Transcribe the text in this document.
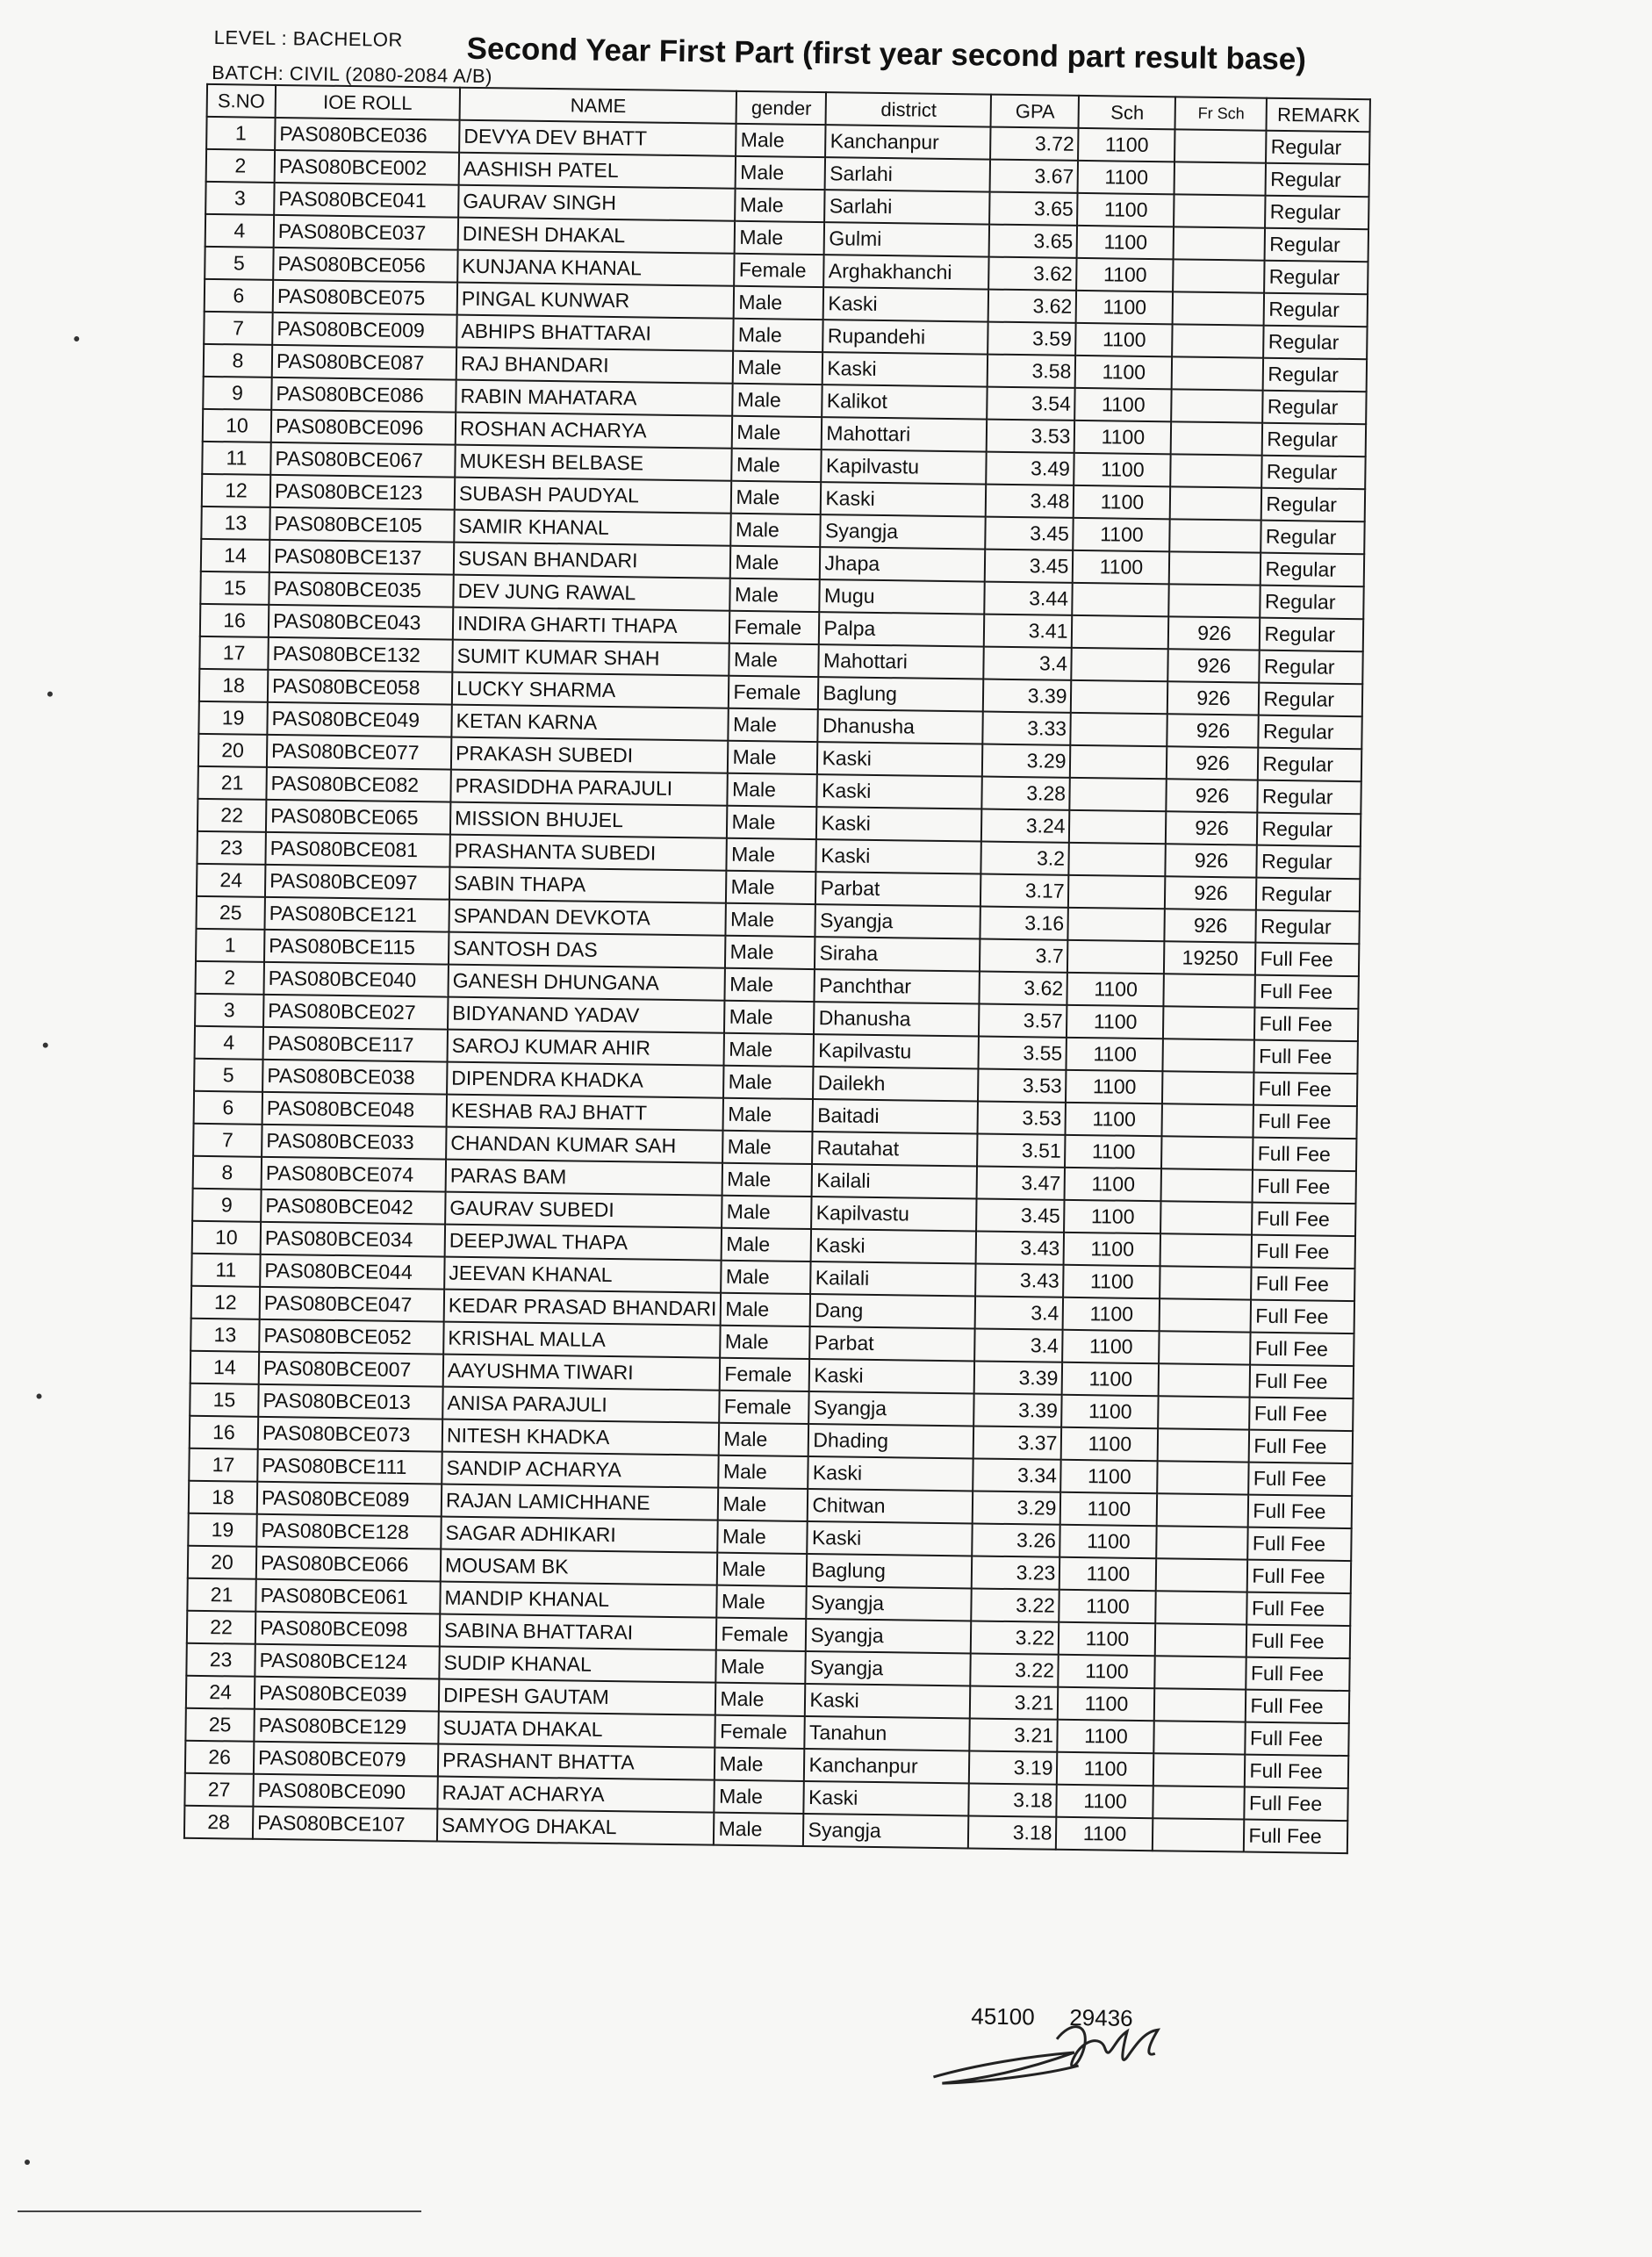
LEVEL : BACHELOR
BATCH: CIVIL (2080-2084 A/B)
Second Year First Part (first year second part result base)
S.NO	IOE ROLL	NAME	gender	district	GPA	Sch	Fr Sch	REMARK
1	PAS080BCE036	DEVYA DEV BHATT	Male	Kanchanpur	3.72	1100		Regular
2	PAS080BCE002	AASHISH PATEL	Male	Sarlahi	3.67	1100		Regular
3	PAS080BCE041	GAURAV SINGH	Male	Sarlahi	3.65	1100		Regular
4	PAS080BCE037	DINESH DHAKAL	Male	Gulmi	3.65	1100		Regular
5	PAS080BCE056	KUNJANA KHANAL	Female	Arghakhanchi	3.62	1100		Regular
6	PAS080BCE075	PINGAL KUNWAR	Male	Kaski	3.62	1100		Regular
7	PAS080BCE009	ABHIPS BHATTARAI	Male	Rupandehi	3.59	1100		Regular
8	PAS080BCE087	RAJ BHANDARI	Male	Kaski	3.58	1100		Regular
9	PAS080BCE086	RABIN MAHATARA	Male	Kalikot	3.54	1100		Regular
10	PAS080BCE096	ROSHAN ACHARYA	Male	Mahottari	3.53	1100		Regular
11	PAS080BCE067	MUKESH BELBASE	Male	Kapilvastu	3.49	1100		Regular
12	PAS080BCE123	SUBASH PAUDYAL	Male	Kaski	3.48	1100		Regular
13	PAS080BCE105	SAMIR KHANAL	Male	Syangja	3.45	1100		Regular
14	PAS080BCE137	SUSAN BHANDARI	Male	Jhapa	3.45	1100		Regular
15	PAS080BCE035	DEV JUNG RAWAL	Male	Mugu	3.44			Regular
16	PAS080BCE043	INDIRA GHARTI THAPA	Female	Palpa	3.41		926	Regular
17	PAS080BCE132	SUMIT KUMAR SHAH	Male	Mahottari	3.4		926	Regular
18	PAS080BCE058	LUCKY SHARMA	Female	Baglung	3.39		926	Regular
19	PAS080BCE049	KETAN KARNA	Male	Dhanusha	3.33		926	Regular
20	PAS080BCE077	PRAKASH SUBEDI	Male	Kaski	3.29		926	Regular
21	PAS080BCE082	PRASIDDHA PARAJULI	Male	Kaski	3.28		926	Regular
22	PAS080BCE065	MISSION BHUJEL	Male	Kaski	3.24		926	Regular
23	PAS080BCE081	PRASHANTA SUBEDI	Male	Kaski	3.2		926	Regular
24	PAS080BCE097	SABIN THAPA	Male	Parbat	3.17		926	Regular
25	PAS080BCE121	SPANDAN DEVKOTA	Male	Syangja	3.16		926	Regular
1	PAS080BCE115	SANTOSH DAS	Male	Siraha	3.7		19250	Full Fee
2	PAS080BCE040	GANESH DHUNGANA	Male	Panchthar	3.62	1100		Full Fee
3	PAS080BCE027	BIDYANAND YADAV	Male	Dhanusha	3.57	1100		Full Fee
4	PAS080BCE117	SAROJ KUMAR AHIR	Male	Kapilvastu	3.55	1100		Full Fee
5	PAS080BCE038	DIPENDRA KHADKA	Male	Dailekh	3.53	1100		Full Fee
6	PAS080BCE048	KESHAB RAJ BHATT	Male	Baitadi	3.53	1100		Full Fee
7	PAS080BCE033	CHANDAN KUMAR SAH	Male	Rautahat	3.51	1100		Full Fee
8	PAS080BCE074	PARAS BAM	Male	Kailali	3.47	1100		Full Fee
9	PAS080BCE042	GAURAV SUBEDI	Male	Kapilvastu	3.45	1100		Full Fee
10	PAS080BCE034	DEEPJWAL THAPA	Male	Kaski	3.43	1100		Full Fee
11	PAS080BCE044	JEEVAN KHANAL	Male	Kailali	3.43	1100		Full Fee
12	PAS080BCE047	KEDAR PRASAD BHANDARI	Male	Dang	3.4	1100		Full Fee
13	PAS080BCE052	KRISHAL MALLA	Male	Parbat	3.4	1100		Full Fee
14	PAS080BCE007	AAYUSHMA TIWARI	Female	Kaski	3.39	1100		Full Fee
15	PAS080BCE013	ANISA PARAJULI	Female	Syangja	3.39	1100		Full Fee
16	PAS080BCE073	NITESH KHADKA	Male	Dhading	3.37	1100		Full Fee
17	PAS080BCE111	SANDIP ACHARYA	Male	Kaski	3.34	1100		Full Fee
18	PAS080BCE089	RAJAN LAMICHHANE	Male	Chitwan	3.29	1100		Full Fee
19	PAS080BCE128	SAGAR ADHIKARI	Male	Kaski	3.26	1100		Full Fee
20	PAS080BCE066	MOUSAM BK	Male	Baglung	3.23	1100		Full Fee
21	PAS080BCE061	MANDIP KHANAL	Male	Syangja	3.22	1100		Full Fee
22	PAS080BCE098	SABINA BHATTARAI	Female	Syangja	3.22	1100		Full Fee
23	PAS080BCE124	SUDIP KHANAL	Male	Syangja	3.22	1100		Full Fee
24	PAS080BCE039	DIPESH GAUTAM	Male	Kaski	3.21	1100		Full Fee
25	PAS080BCE129	SUJATA DHAKAL	Female	Tanahun	3.21	1100		Full Fee
26	PAS080BCE079	PRASHANT BHATTA	Male	Kanchanpur	3.19	1100		Full Fee
27	PAS080BCE090	RAJAT ACHARYA	Male	Kaski	3.18	1100		Full Fee
28	PAS080BCE107	SAMYOG DHAKAL	Male	Syangja	3.18	1100		Full Fee
45100 29436
